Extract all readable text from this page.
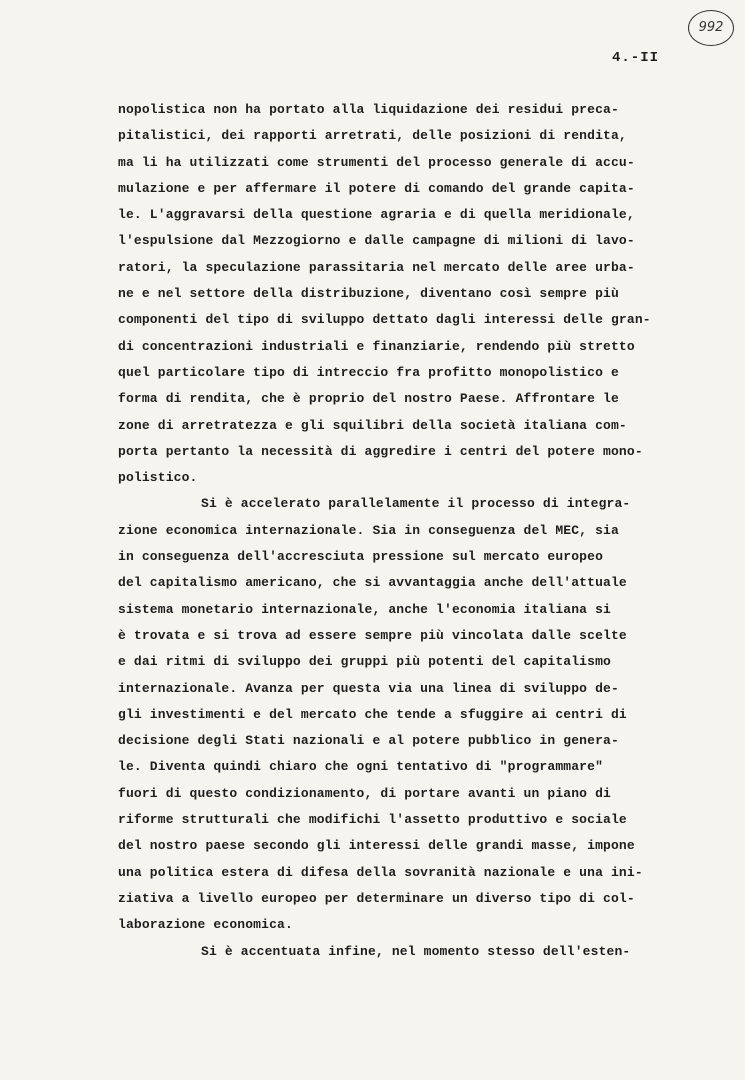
992
4.-II
nopolistica non ha portato alla liquidazione dei residui preca-
pitalistici, dei rapporti arretrati, delle posizioni di rendita,
ma li ha utilizzati come strumenti del processo generale di accu-
mulazione e per affermare il potere di comando del grande capita-
le. L'aggravarsi della questione agraria e di quella meridionale,
l'espulsione dal Mezzogiorno e dalle campagne di milioni di lavo-
ratori, la speculazione parassitaria nel mercato delle aree urba-
ne e nel settore della distribuzione, diventano così sempre più
componenti del tipo di sviluppo dettato dagli interessi delle gran-
di concentrazioni industriali e finanziarie, rendendo più stretto
quel particolare tipo di intreccio fra profitto monopolistico e
forma di rendita, che è proprio del nostro Paese. Affrontare le
zone di arretratezza e gli squilibri della società italiana com-
porta pertanto la necessità di aggredire i centri del potere mono-
polistico.
Si è accelerato parallelamente il processo di integra-
zione economica internazionale. Sia in conseguenza del MEC, sia
in conseguenza dell'accresciuta pressione sul mercato europeo
del capitalismo americano, che si avvantaggia anche dell'attuale
sistema monetario internazionale, anche l'economia italiana si
è trovata e si trova ad essere sempre più vincolata dalle scelte
e dai ritmi di sviluppo dei gruppi più potenti del capitalismo
internazionale. Avanza per questa via una linea di sviluppo de-
gli investimenti e del mercato che tende a sfuggire ai centri di
decisione degli Stati nazionali e al potere pubblico in genera-
le. Diventa quindi chiaro che ogni tentativo di "programmare"
fuori di questo condizionamento, di portare avanti un piano di
riforme strutturali che modifichi l'assetto produttivo e sociale
del nostro paese secondo gli interessi delle grandi masse, impone
una politica estera di difesa della sovranità nazionale e una ini-
ziativa a livello europeo per determinare un diverso tipo di col-
laborazione economica.
Si è accentuata infine, nel momento stesso dell'esten-
